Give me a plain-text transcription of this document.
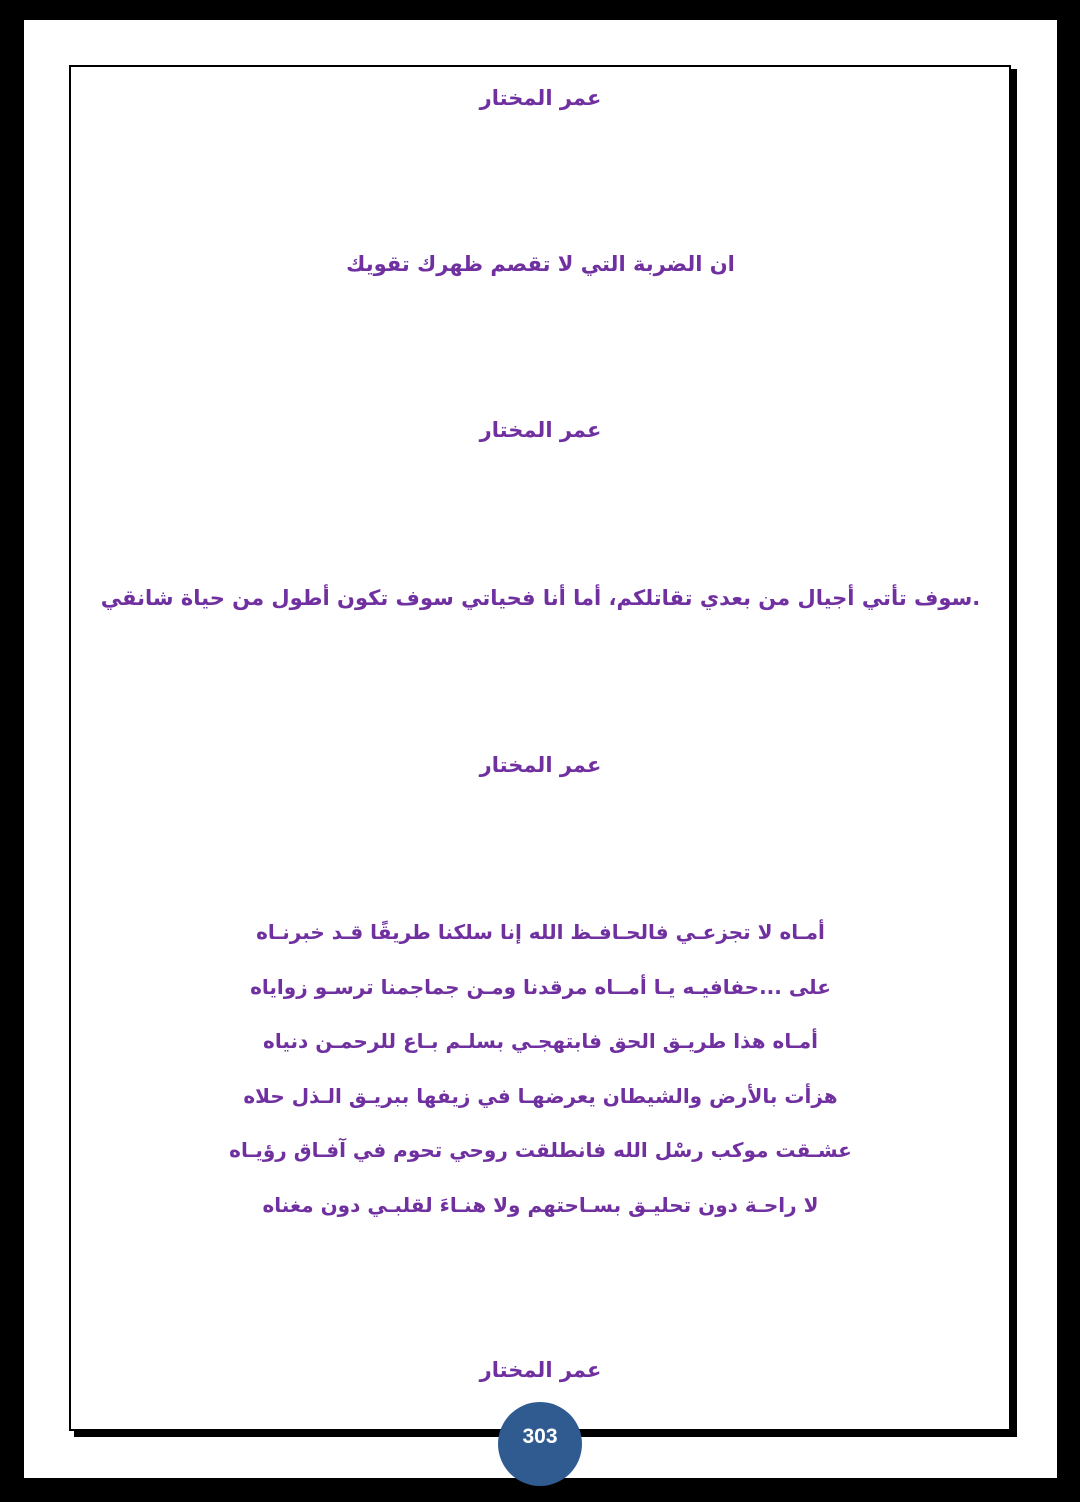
عمر المختار
ان الضربة التي لا تقصم ظهرك تقويك
عمر المختار
.سوف تأتي أجيال من بعدي تقاتلكم، أما أنا فحياتي سوف تكون أطول من حياة شانقي
عمر المختار
أمـاه لا تجزعـي فالحـافـظ الله إنا سلكنا طريقًا قـد خبرنـاه
على ...حفافيـه يـا أمــاه مرقدنا ومـن جماجمنا ترسـو زواياه
أمـاه هذا طريـق الحق فابتهجـي بسلـم بـاع للرحمـن دنياه
هزأت بالأرض والشيطان يعرضهـا في زيفها ببريـق الـذل حلاه
عشـقت موكب رسْل الله فانطلقت روحي تحوم في آفـاق رؤيـاه
لا راحـة دون تحليـق بسـاحتهم ولا هنـاءَ لقلبـي دون مغناه
عمر المختار
303
